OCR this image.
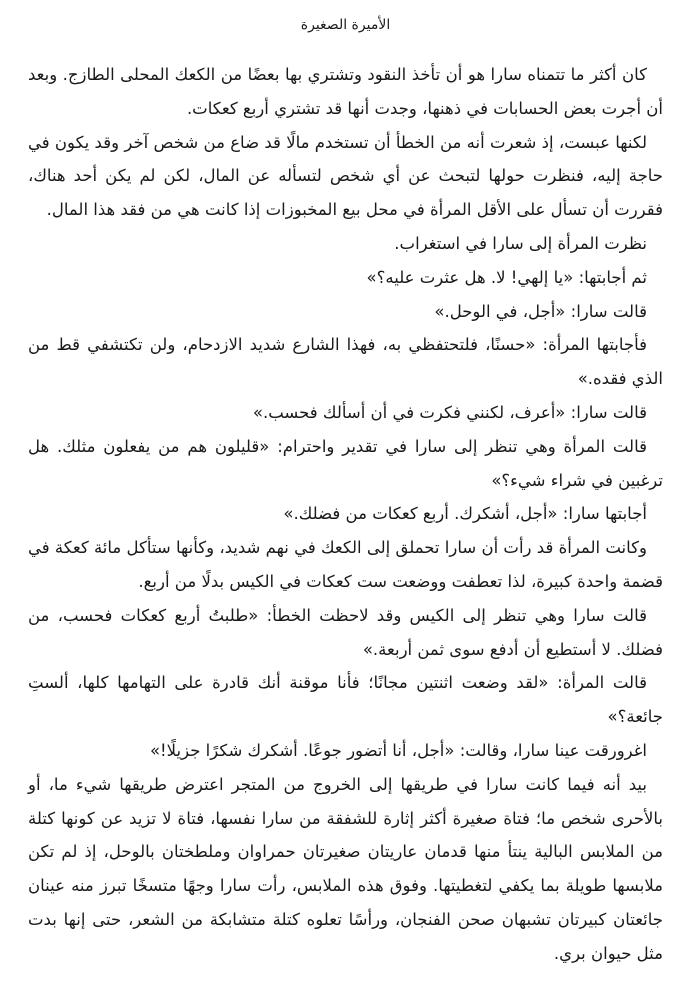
الأميرة الصغيرة

كان أكثر ما تتمناه سارا هو أن تأخذ النقود وتشتري بها بعضًا من الكعك المحلى الطازج. وبعد أن أجرت بعض الحسابات في ذهنها، وجدت أنها قد تشتري أربع كعكات.

لكنها عبست، إذ شعرت أنه من الخطأ أن تستخدم مالًا قد ضاع من شخص آخر وقد يكون في حاجة إليه، فنظرت حولها لتبحث عن أي شخص لتسأله عن المال، لكن لم يكن أحد هناك، فقررت أن تسأل على الأقل المرأة في محل بيع المخبوزات إذا كانت هي من فقد هذا المال.

نظرت المرأة إلى سارا في استغراب.

ثم أجابتها: «يا إلهي! لا. هل عثرت عليه؟»

قالت سارا: «أجل، في الوحل.»

فأجابتها المرأة: «حسنًا، فلتحتفظي به، فهذا الشارع شديد الازدحام، ولن تكتشفي قط من الذي فقده.»

قالت سارا: «أعرف، لكنني فكرت في أن أسألك فحسب.»

قالت المرأة وهي تنظر إلى سارا في تقدير واحترام: «قليلون هم من يفعلون مثلك. هل ترغبين في شراء شيء؟»

أجابتها سارا: «أجل، أشكرك. أربع كعكات من فضلك.»

وكانت المرأة قد رأت أن سارا تحملق إلى الكعك في نهم شديد، وكأنها ستأكل مائة كعكة في قضمة واحدة كبيرة، لذا تعطفت ووضعت ست كعكات في الكيس بدلًا من أربع.

قالت سارا وهي تنظر إلى الكيس وقد لاحظت الخطأ: «طلبتُ أربع كعكات فحسب، من فضلك. لا أستطيع أن أدفع سوى ثمن أربعة.»

قالت المرأة: «لقد وضعت اثنتين مجانًا؛ فأنا موقنة أنك قادرة على التهامها كلها، ألستِ جائعة؟»

اغرورقت عينا سارا، وقالت: «أجل، أنا أتضور جوعًا. أشكرك شكرًا جزيلًا!»

بيد أنه فيما كانت سارا في طريقها إلى الخروج من المتجر اعترض طريقها شيء ما، أو بالأحرى شخص ما؛ فتاة صغيرة أكثر إثارة للشفقة من سارا نفسها، فتاة لا تزيد عن كونها كتلة من الملابس البالية ينتأ منها قدمان عاريتان صغيرتان حمراوان وملطختان بالوحل، إذ لم تكن ملابسها طويلة بما يكفي لتغطيتها. وفوق هذه الملابس، رأت سارا وجهًا متسخًا تبرز منه عينان جائعتان كبيرتان تشبهان صحن الفنجان، ورأسًا تعلوه كتلة متشابكة من الشعر، حتى إنها بدت مثل حيوان بري.
